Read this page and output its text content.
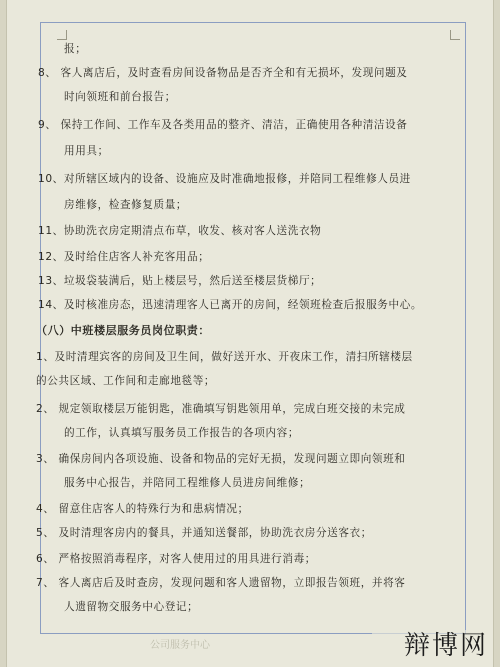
报；
8、 客人离店后，及时查看房间设备物品是否齐全和有无损坏，发现问题及
时向领班和前台报告；
9、 保持工作间、工作车及各类用品的整齐、清洁，正确使用各种清洁设备
用用具；
10、对所辖区域内的设备、设施应及时准确地报修，并陪同工程维修人员进
房维修，检查修复质量；
11、协助洗衣房定期清点布草，收发、核对客人送洗衣物
12、及时给住店客人补充客用品；
13、垃圾袋装满后，贴上楼层号，然后送至楼层货梯厅；
14、及时核准房态，迅速清理客人已离开的房间，经领班检查后报服务中心。
（八）中班楼层服务员岗位职责：
1、及时清理宾客的房间及卫生间，做好送开水、开夜床工作，清扫所辖楼层
的公共区域、工作间和走廊地毯等；
2、 规定领取楼层万能钥匙，准确填写钥匙领用单，完成白班交接的未完成
的工作，认真填写服务员工作报告的各项内容；
3、 确保房间内各项设施、设备和物品的完好无损，发现问题立即向领班和
服务中心报告，并陪同工程维修人员进房间维修；
4、 留意住店客人的特殊行为和患病情况；
5、 及时清理客房内的餐具，并通知送餐部，协助洗衣房分送客衣；
6、 严格按照消毒程序，对客人使用过的用具进行消毒；
7、 客人离店后及时查房，发现问题和客人遗留物，立即报告领班，并将客
人遗留物交服务中心登记；
公司服务中心	辩博网
